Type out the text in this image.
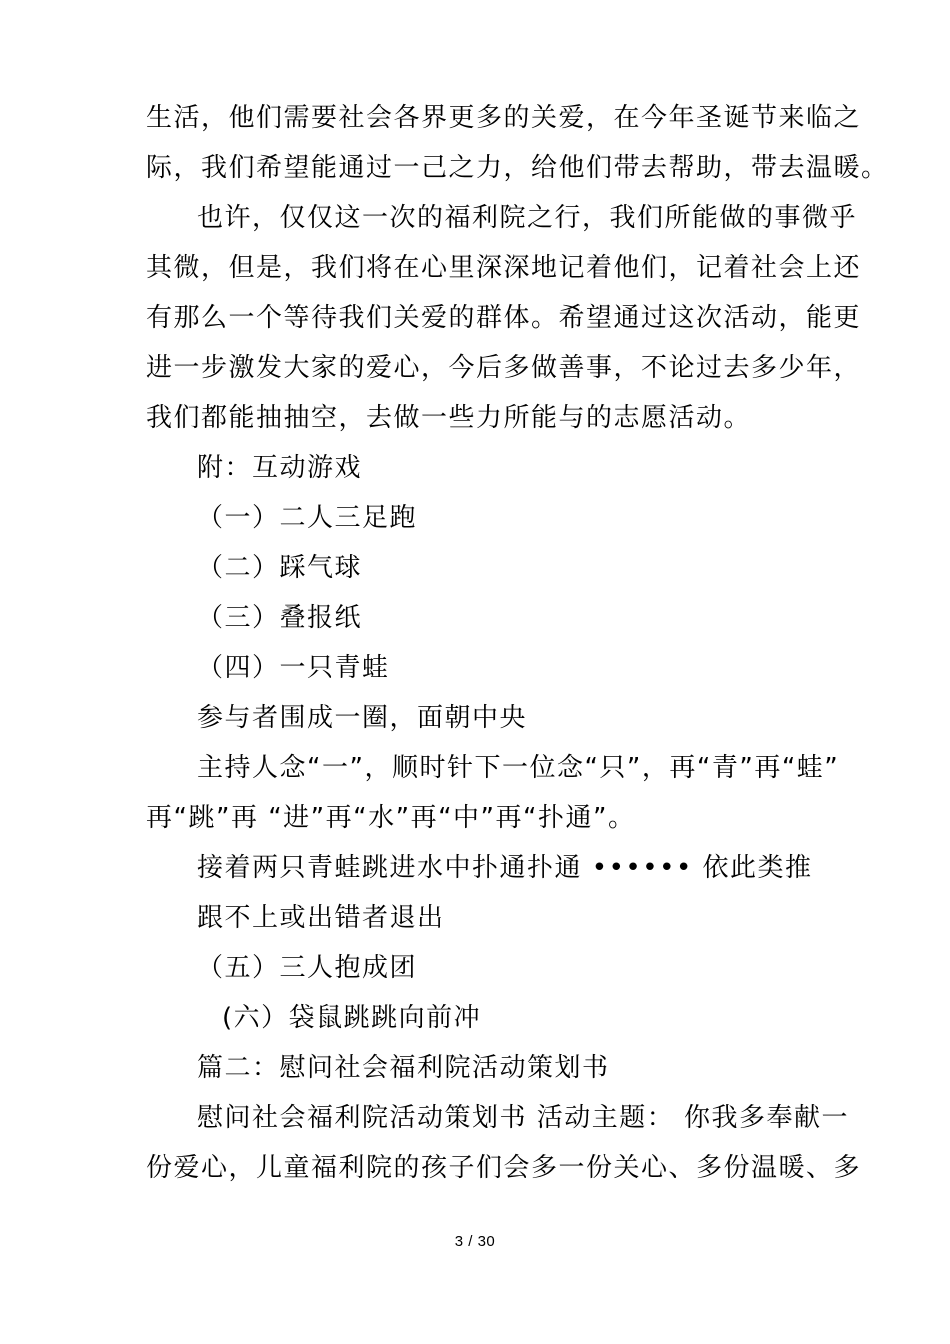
生活，他们需要社会各界更多的关爱，在今年圣诞节来临之
际，我们希望能通过一己之力，给他们带去帮助，带去温暖。
也许，仅仅这一次的福利院之行，我们所能做的事微乎
其微，但是，我们将在心里深深地记着他们，记着社会上还
有那么一个等待我们关爱的群体。希望通过这次活动，能更
进一步激发大家的爱心，今后多做善事，不论过去多少年，
我们都能抽抽空，去做一些力所能与的志愿活动。
附：互动游戏
（一）二人三足跑
（二）踩气球
（三）叠报纸
（四）一只青蛙
参与者围成一圈，面朝中央
主持人念“一”，顺时针下一位念“只”，再“青”再“蛙”
再“跳”再 “进”再“水”再“中”再“扑通”。
接着两只青蛙跳进水中扑通扑通 •••••• 依此类推
跟不上或出错者退出
（五）三人抱成团
(六）袋鼠跳跳向前冲
篇二：慰问社会福利院活动策划书
慰问社会福利院活动策划书 活动主题： 你我多奉献一
份爱心，儿童福利院的孩子们会多一份关心、多份温暖、多
3 / 30
